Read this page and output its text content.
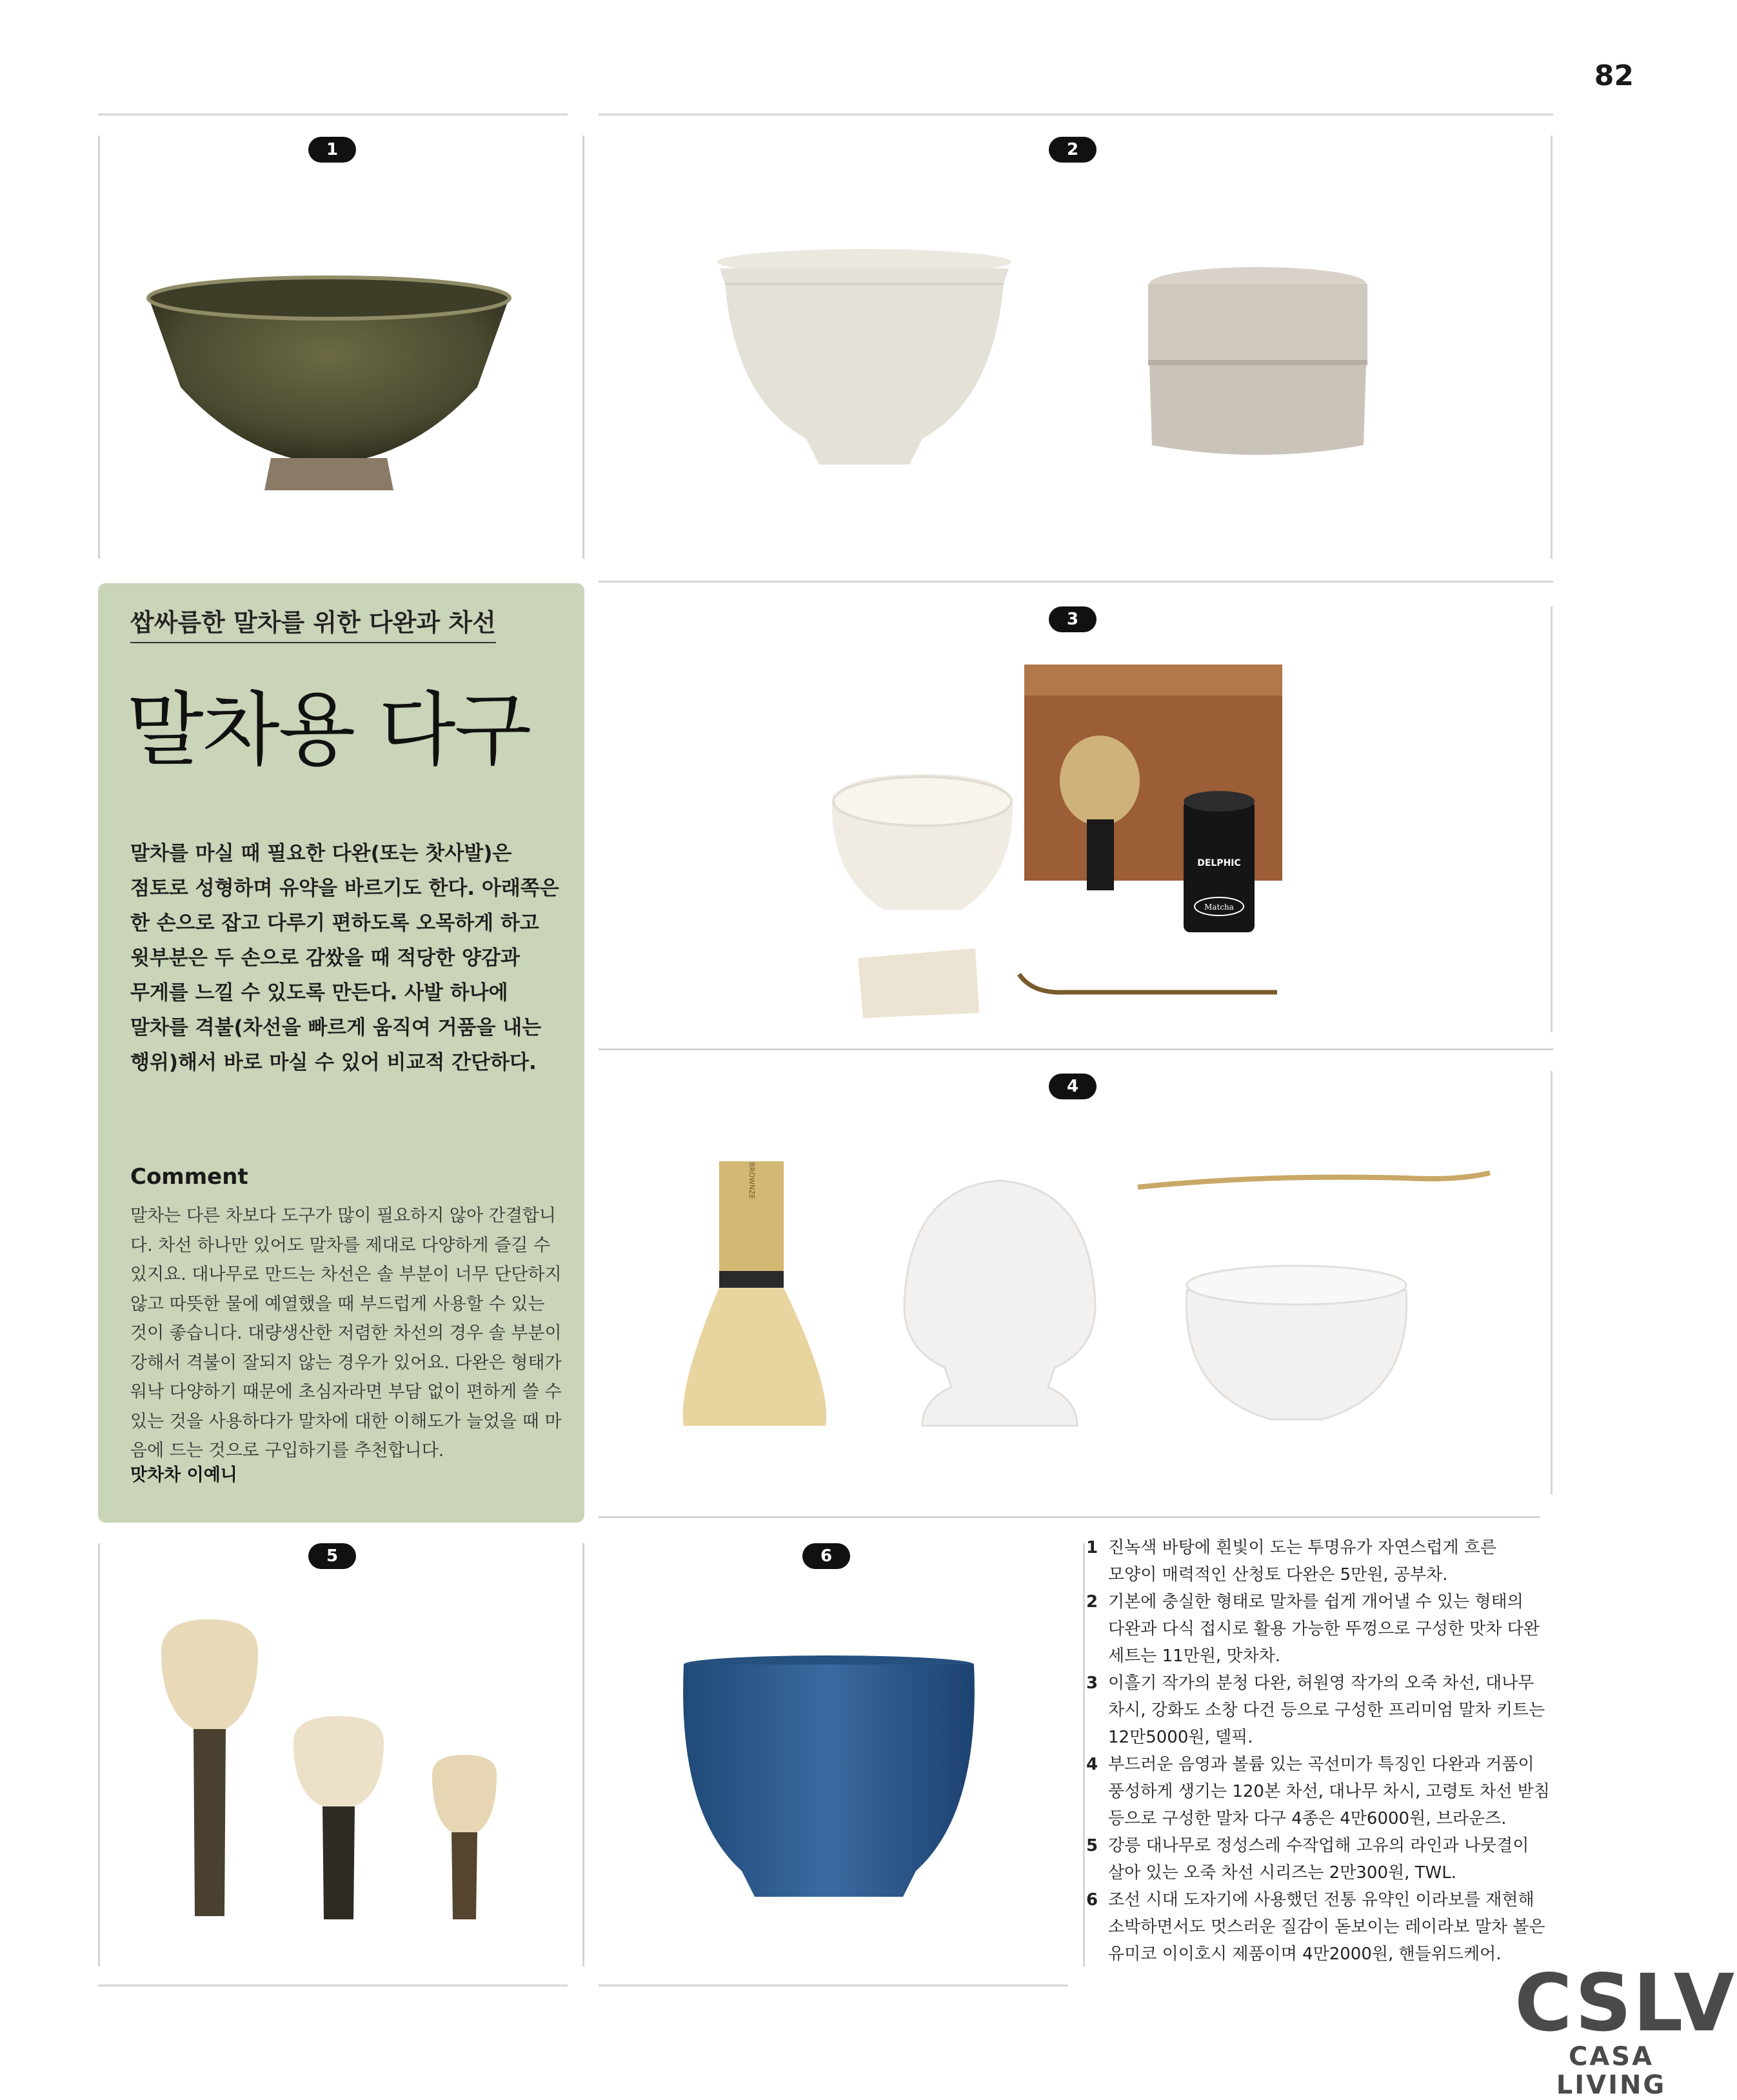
82
1	2
3
4
5	6
DELPHIC
Matcha
BROWNZE
쌉싸름한 말차를 위한 다완과 차선
말차용 다구
말차를 마실 때 필요한 다완(또는 찻사발)은
점토로 성형하며 유약을 바르기도 한다. 아래쪽은
한 손으로 잡고 다루기 편하도록 오목하게 하고
윗부분은 두 손으로 감쌌을 때 적당한 양감과
무게를 느낄 수 있도록 만든다. 사발 하나에
말차를 격불(차선을 빠르게 움직여 거품을 내는
행위)해서 바로 마실 수 있어 비교적 간단하다.
Comment
말차는 다른 차보다 도구가 많이 필요하지 않아 간결합니
다. 차선 하나만 있어도 말차를 제대로 다양하게 즐길 수
있지요. 대나무로 만드는 차선은 솔 부분이 너무 단단하지
않고 따뜻한 물에 예열했을 때 부드럽게 사용할 수 있는
것이 좋습니다. 대량생산한 저렴한 차선의 경우 솔 부분이
강해서 격불이 잘되지 않는 경우가 있어요. 다완은 형태가
워낙 다양하기 때문에 초심자라면 부담 없이 편하게 쓸 수
있는 것을 사용하다가 말차에 대한 이해도가 늘었을 때 마
음에 드는 것으로 구입하기를 추천합니다.
맛차차 이예니
1 진녹색 바탕에 흰빛이 도는 투명유가 자연스럽게 흐른
모양이 매력적인 산청토 다완은 5만원, 공부차.
2 기본에 충실한 형태로 말차를 쉽게 개어낼 수 있는 형태의
다완과 다식 접시로 활용 가능한 뚜껑으로 구성한 맛차 다완
세트는 11만원, 맛차차.
3 이흘기 작가의 분청 다완, 허원영 작가의 오죽 차선, 대나무
차시, 강화도 소창 다건 등으로 구성한 프리미엄 말차 키트는
12만5000원, 델픽.
4 부드러운 음영과 볼륨 있는 곡선미가 특징인 다완과 거품이
풍성하게 생기는 120본 차선, 대나무 차시, 고령토 차선 받침
등으로 구성한 말차 다구 4종은 4만6000원, 브라운즈.
5 강릉 대나무로 정성스레 수작업해 고유의 라인과 나뭇결이
살아 있는 오죽 차선 시리즈는 2만300원, TWL.
6 조선 시대 도자기에 사용했던 전통 유약인 이라보를 재현해
소박하면서도 멋스러운 질감이 돋보이는 레이라보 말차 볼은
유미코 이이호시 제품이며 4만2000원, 핸들위드케어.
CSLV
CASA LIVING
